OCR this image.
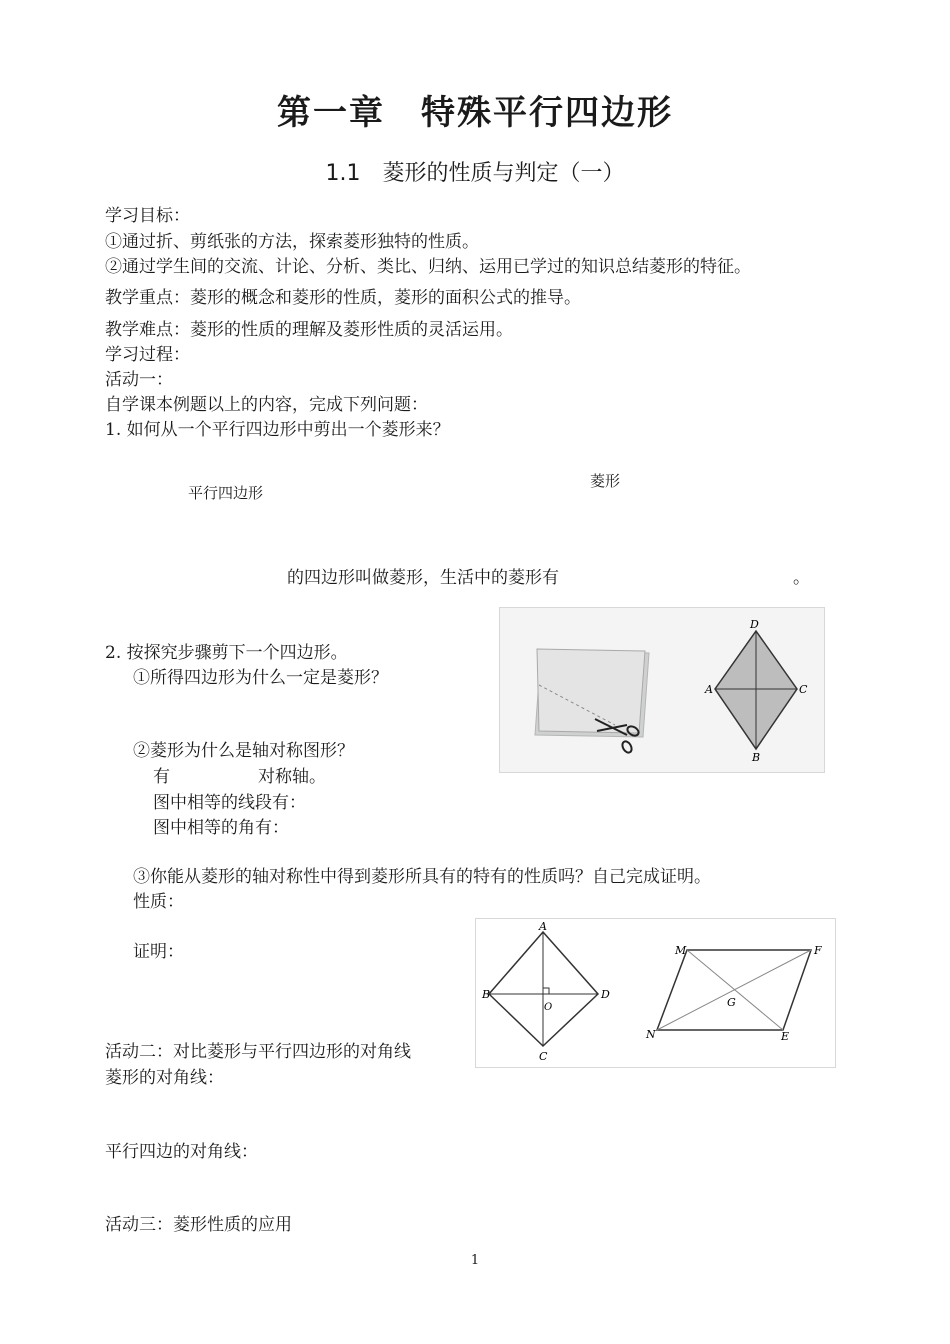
第一章　特殊平行四边形
1.1　菱形的性质与判定（一）
学习目标：
①通过折、剪纸张的方法，探索菱形独特的性质。
②通过学生间的交流、计论、分析、类比、归纳、运用已学过的知识总结菱形的特征。
教学重点：菱形的概念和菱形的性质，菱形的面积公式的推导。
教学难点：菱形的性质的理解及菱形性质的灵活运用。
学习过程：
活动一：
自学课本例题以上的内容，完成下列问题：
1. 如何从一个平行四边形中剪出一个菱形来？
菱形
平行四边形
的四边形叫做菱形，生活中的菱形有	。
2. 按探究步骤剪下一个四边形。
①所得四边形为什么一定是菱形？
②菱形为什么是轴对称图形？
有	对称轴。
图中相等的线段有：
图中相等的角有：
③你能从菱形的轴对称性中得到菱形所具有的特有的性质吗？自己完成证明。
性质：
证明：
活动二：对比菱形与平行四边形的对角线
菱形的对角线：
平行四边的对角线：
活动三：菱形性质的应用
D
A	C
B
A
B	D
C
O
M	F
N	E
G
1
